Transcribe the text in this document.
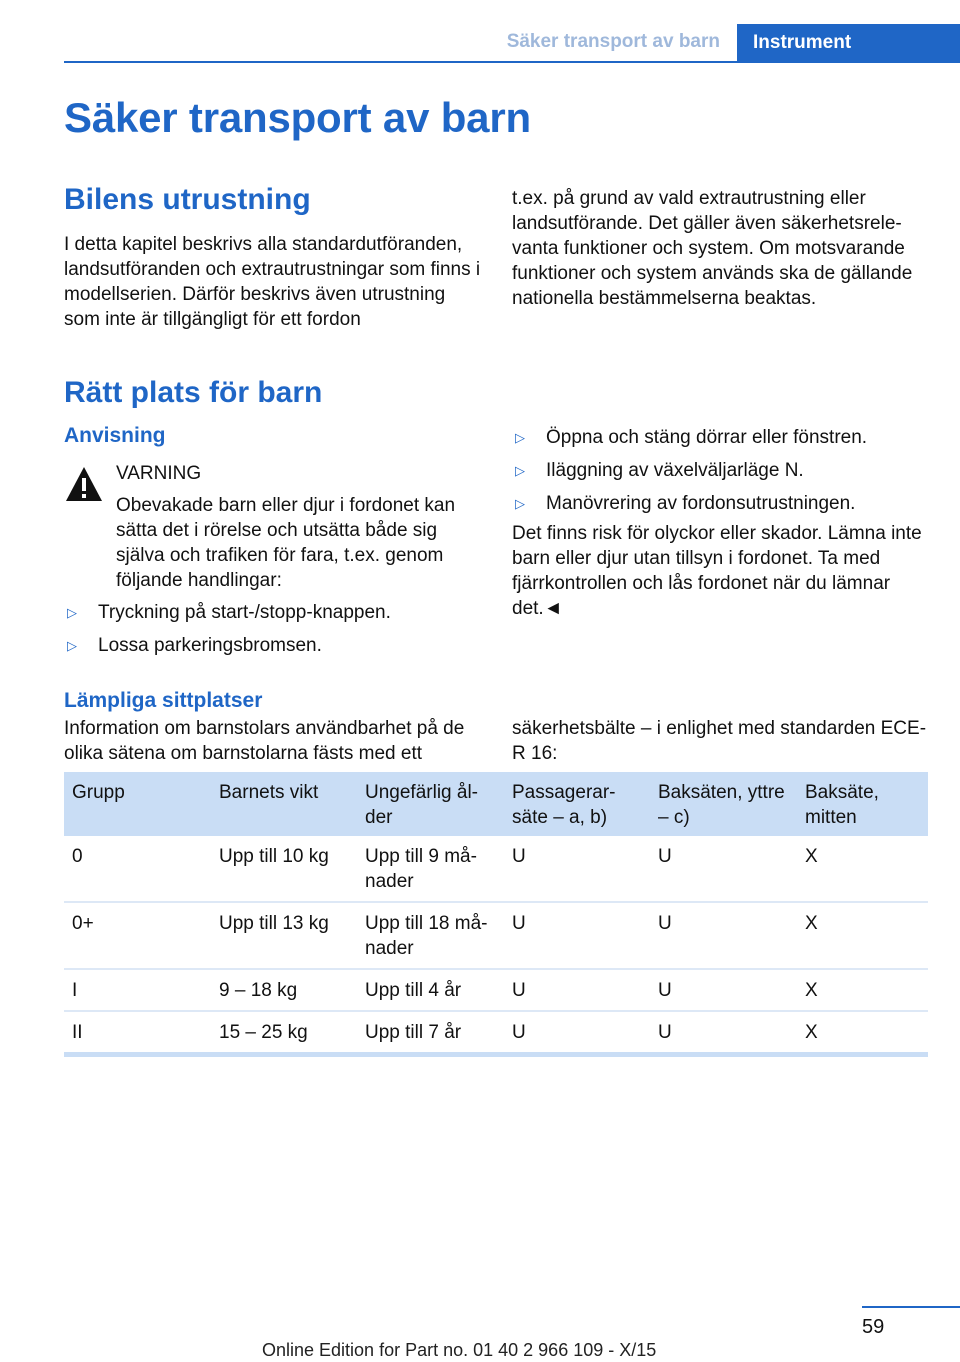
Säker transport av barn	Instrument
Säker transport av barn
Bilens utrustning

I detta kapitel beskrivs alla standardutföranden, landsutföranden och extrautrustningar som finns i modellserien. Därför beskrivs även utrustning som inte är tillgängligt för ett fordon

t.ex. på grund av vald extrautrustning eller landsutförande. Det gäller även säkerhetsrelevanta funktioner och system. Om motsvarande funktioner och system används ska de gällande nationella bestämmelserna beaktas.

Rätt plats för barn
Anvisning
VARNING

Obevakade barn eller djur i fordonet kan sätta det i rörelse och utsätta både sig själva och trafiken för fara, t.ex. genom följande handlingar:

▷ Tryckning på start-/stopp-knappen.
▷ Lossa parkeringsbromsen.
▷ Öppna och stäng dörrar eller fönstren.
▷ Iläggning av växelväljarläge N.
▷ Manövrering av fordonsutrustningen.

Det finns risk för olyckor eller skador. Lämna inte barn eller djur utan tillsyn i fordonet. Ta med fjärrkontrollen och lås fordonet när du lämnar det.◄

Lämpliga sittplatser

Information om barnstolars användbarhet på de olika sätena om barnstolarna fästs med ett

säkerhetsbälte – i enlighet med standarden ECE-R 16:

Grupp	Barnets vikt	Ungefärlig ålder	Passagerarsäte – a, b)	Baksäten, yttre – c)	Baksäte, mitten
0	Upp till 10 kg	Upp till 9 månader	U	U	X
0+	Upp till 13 kg	Upp till 18 månader	U	U	X
I	9 – 18 kg	Upp till 4 år	U	U	X
II	15 – 25 kg	Upp till 7 år	U	U	X
59
Online Edition for Part no. 01 40 2 966 109 - X/15
